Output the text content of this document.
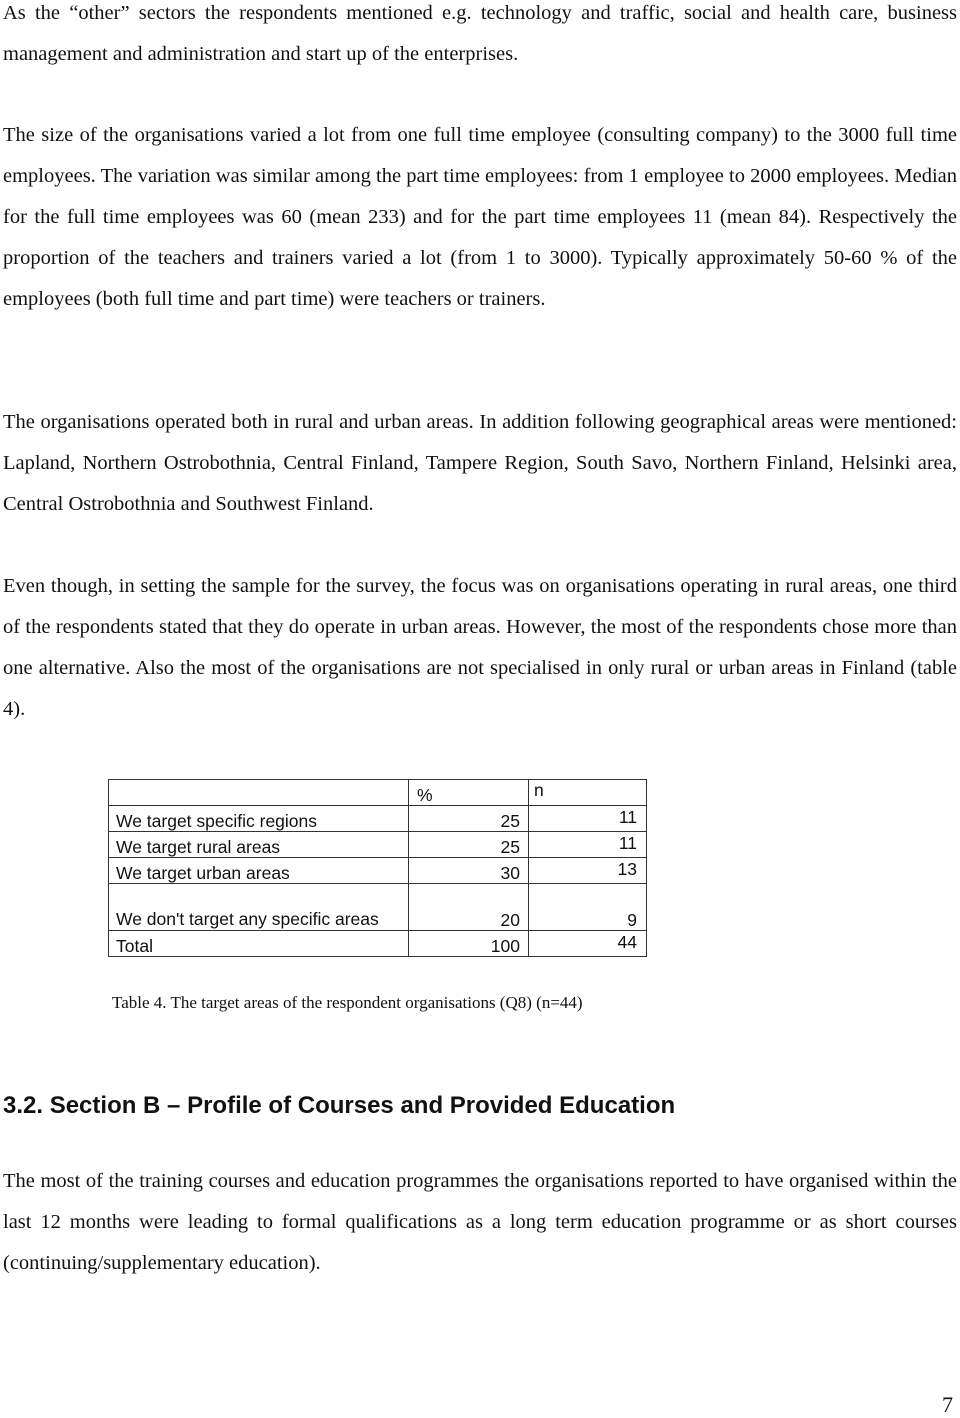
As the “other” sectors the respondents mentioned e.g. technology and traffic, social and health care, business management and administration and start up of the enterprises.

The size of the organisations varied a lot from one full time employee (consulting company) to the 3000 full time employees. The variation was similar among the part time employees: from 1 employee to 2000 employees. Median for the full time employees was 60 (mean 233) and for the part time employees 11 (mean 84). Respectively the proportion of the teachers and trainers varied a lot (from 1 to 3000). Typically approximately 50-60 % of the employees (both full time and part time) were teachers or trainers.

The organisations operated both in rural and urban areas. In addition following geographical areas were mentioned: Lapland, Northern Ostrobothnia, Central Finland, Tampere Region, South Savo, Northern Finland, Helsinki area, Central Ostrobothnia and Southwest Finland.

Even though, in setting the sample for the survey, the focus was on organisations operating in rural areas, one third of the respondents stated that they do operate in urban areas. However, the most of the respondents chose more than one alternative. Also the most of the organisations are not specialised in only rural or urban areas in Finland (table 4).

	%	n
We target specific regions	25	11
We target rural areas	25	11
We target urban areas	30	13
We don't target any specific areas	20	9
Total	100	44

Table 4. The target areas of the respondent organisations (Q8) (n=44)

3.2. Section B – Profile of Courses and Provided Education

The most of the training courses and education programmes the organisations reported to have organised within the last 12 months were leading to formal qualifications as a long term education programme or as short courses (continuing/supplementary education).

7
